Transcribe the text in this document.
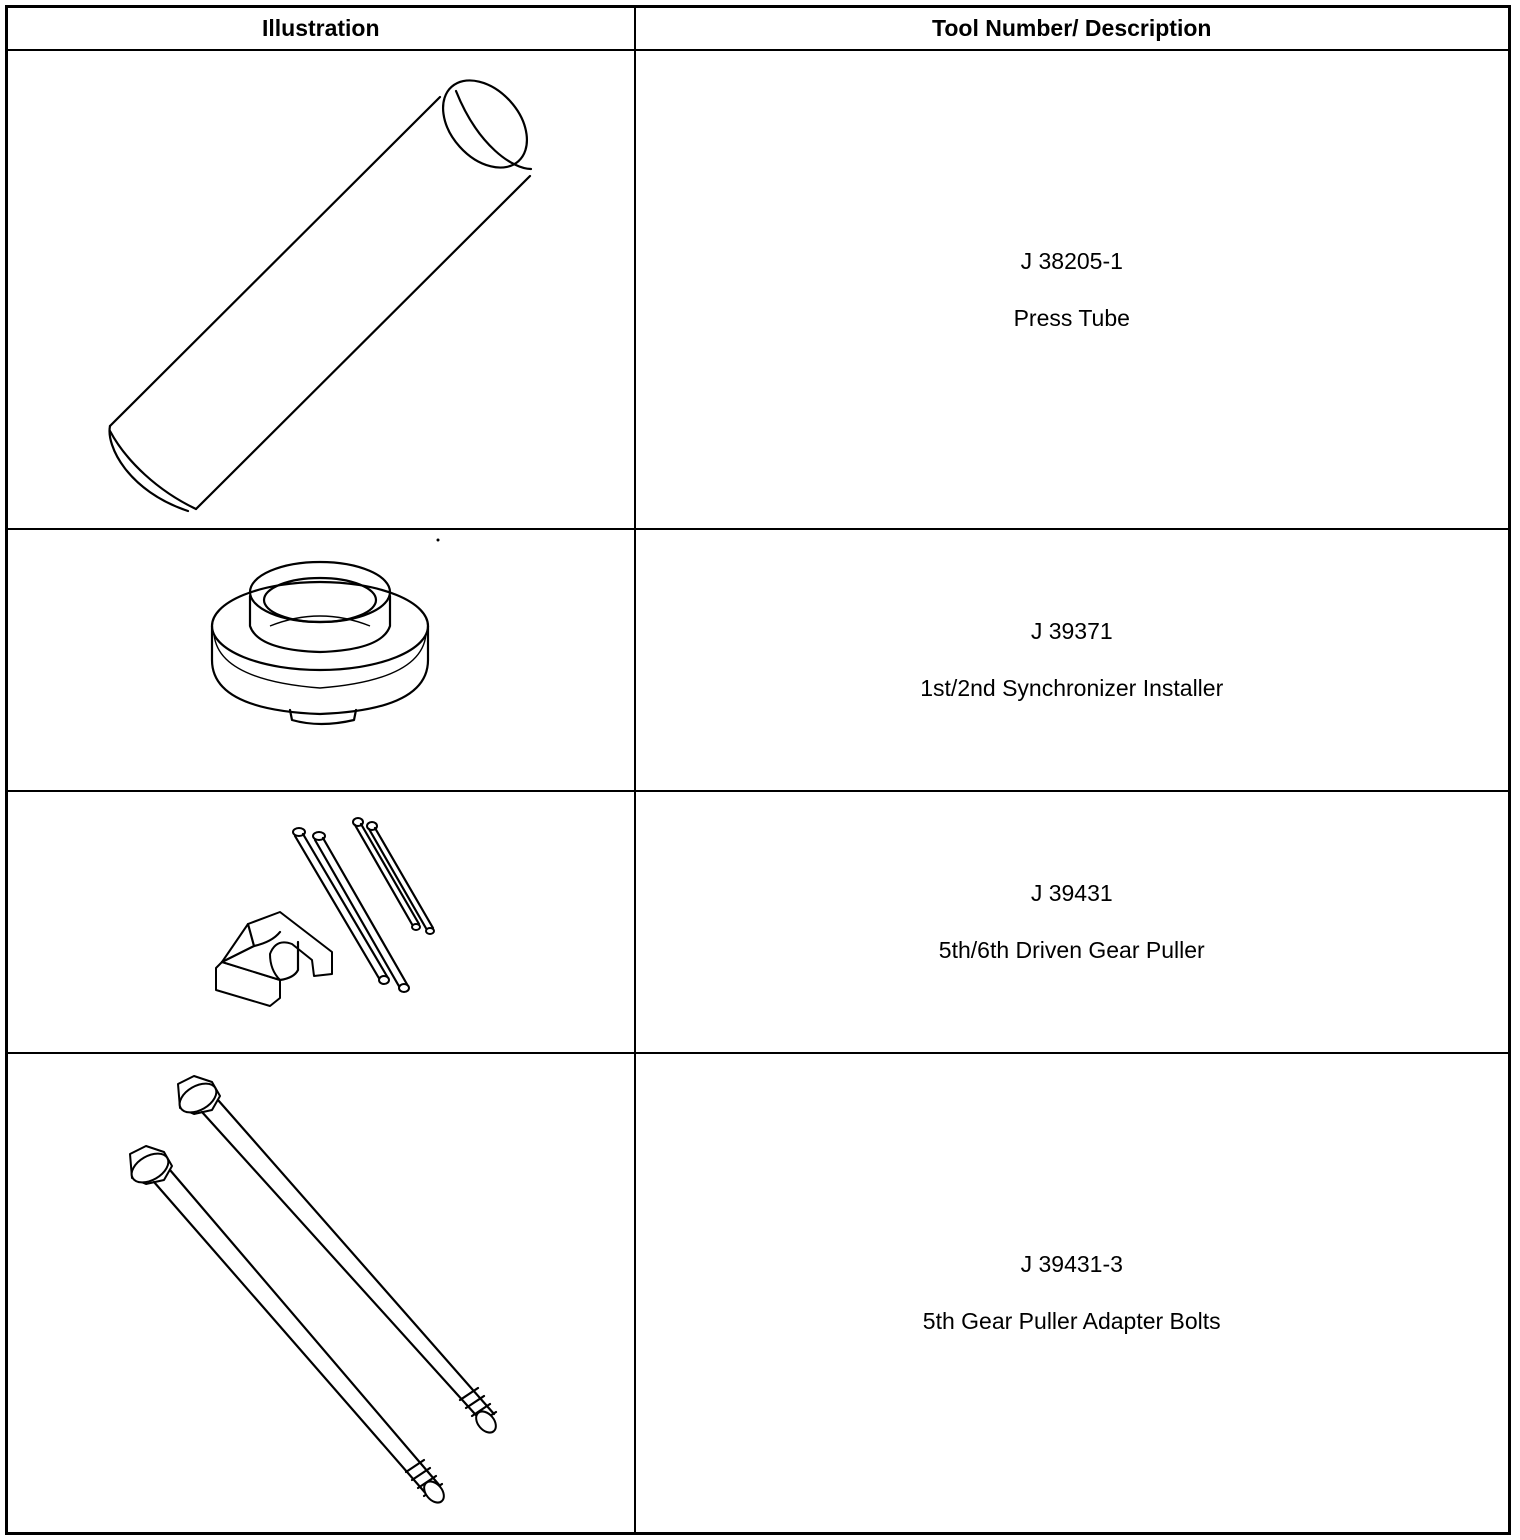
Illustration	Tool Number/ Description

J 38205-1
Press Tube

J 39371
1st/2nd Synchronizer Installer

J 39431
5th/6th Driven Gear Puller

J 39431-3
5th Gear Puller Adapter Bolts
